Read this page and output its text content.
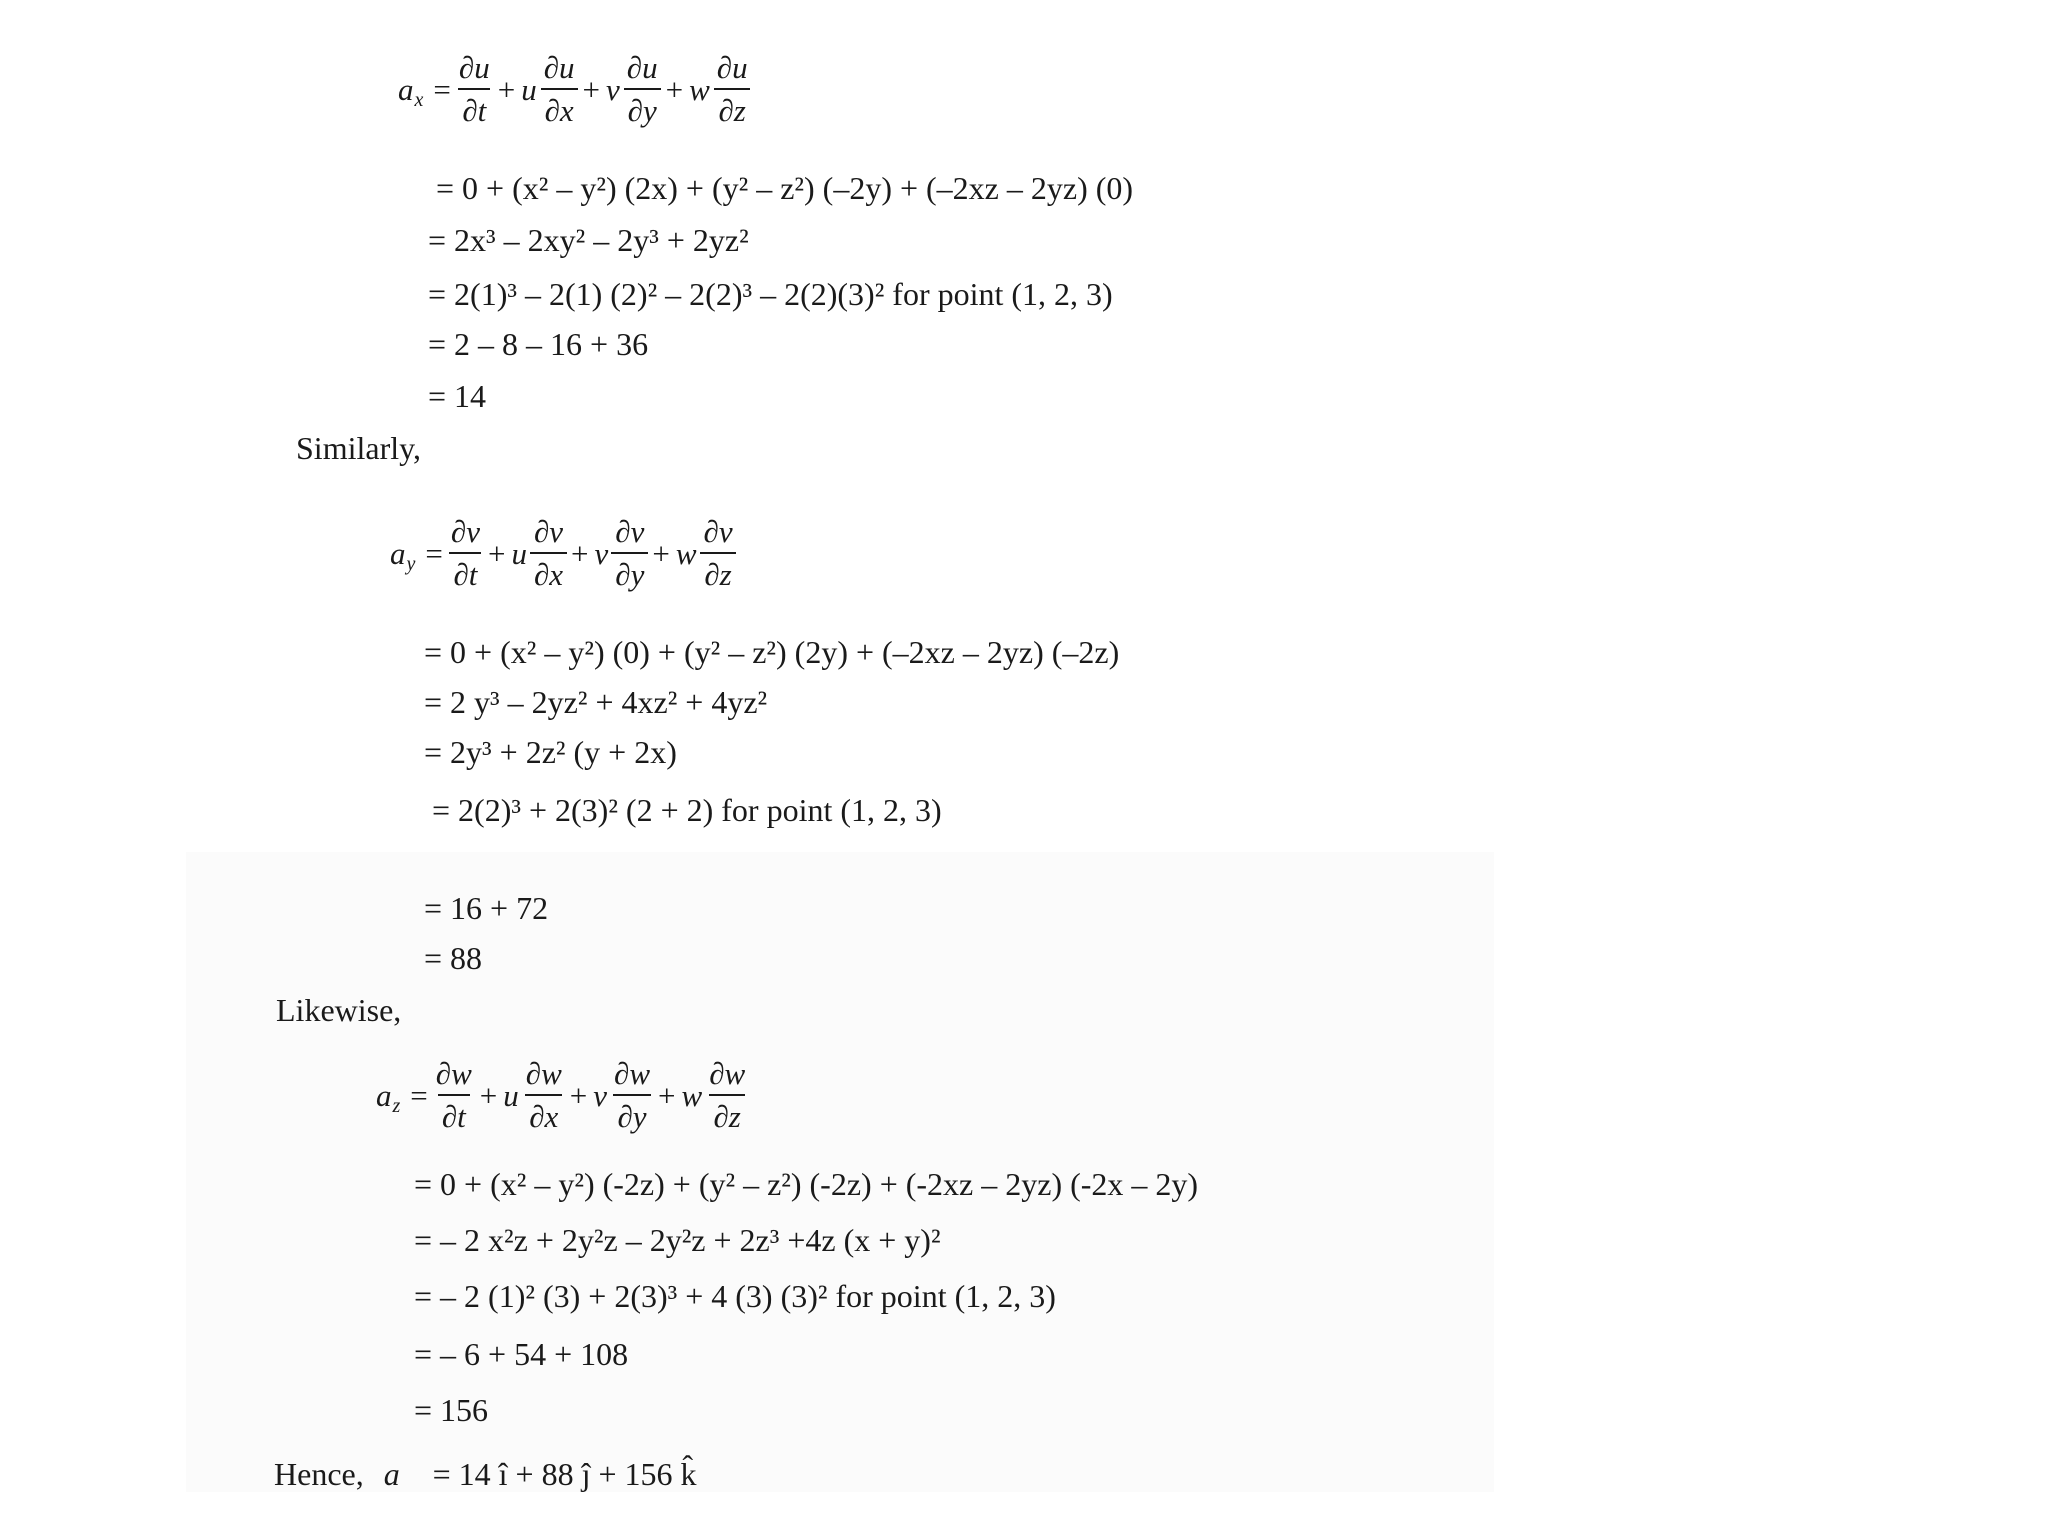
$a_x = \frac{\partial u}{\partial t} + u \frac{\partial u}{\partial x} + v \frac{\partial u}{\partial y} + w \frac{\partial u}{\partial z}$
= 0 + (x² – y²) (2x) + (y² – z²) (–2y) + (–2xz – 2yz) (0)
= 2x³ – 2xy² – 2y³ + 2yz²
= 2(1)³ – 2(1) (2)² – 2(2)³ – 2(2)(3)² for point (1, 2, 3)
= 2 – 8 – 16 + 36
= 14
Similarly,
$a_y = \frac{\partial v}{\partial t} + u \frac{\partial v}{\partial x} + v \frac{\partial v}{\partial y} + w \frac{\partial v}{\partial z}$
= 0 + (x² – y²) (0) + (y² – z²) (2y) + (–2xz – 2yz) (–2z)
= 2 y³ – 2yz² + 4xz² + 4yz²
= 2y³ + 2z² (y + 2x)
= 2(2)³ + 2(3)² (2 + 2) for point (1, 2, 3)
= 16 + 72
= 88
Likewise,
$a_z = \frac{\partial w}{\partial t} + u \frac{\partial w}{\partial x} + v \frac{\partial w}{\partial y} + w \frac{\partial w}{\partial z}$
= 0 + (x² – y²) (-2z) + (y² – z²) (-2z) + (-2xz – 2yz) (-2x – 2y)
= – 2 x²z + 2y²z – 2y²z + 2z³ +4z (x + y)²
= – 2 (1)² (3) + 2(3)³ + 4 (3) (3)² for point (1, 2, 3)
= – 6 + 54 + 108
= 156
Hence, a⃗ = 14 î + 88 ĵ + 156 k̂
